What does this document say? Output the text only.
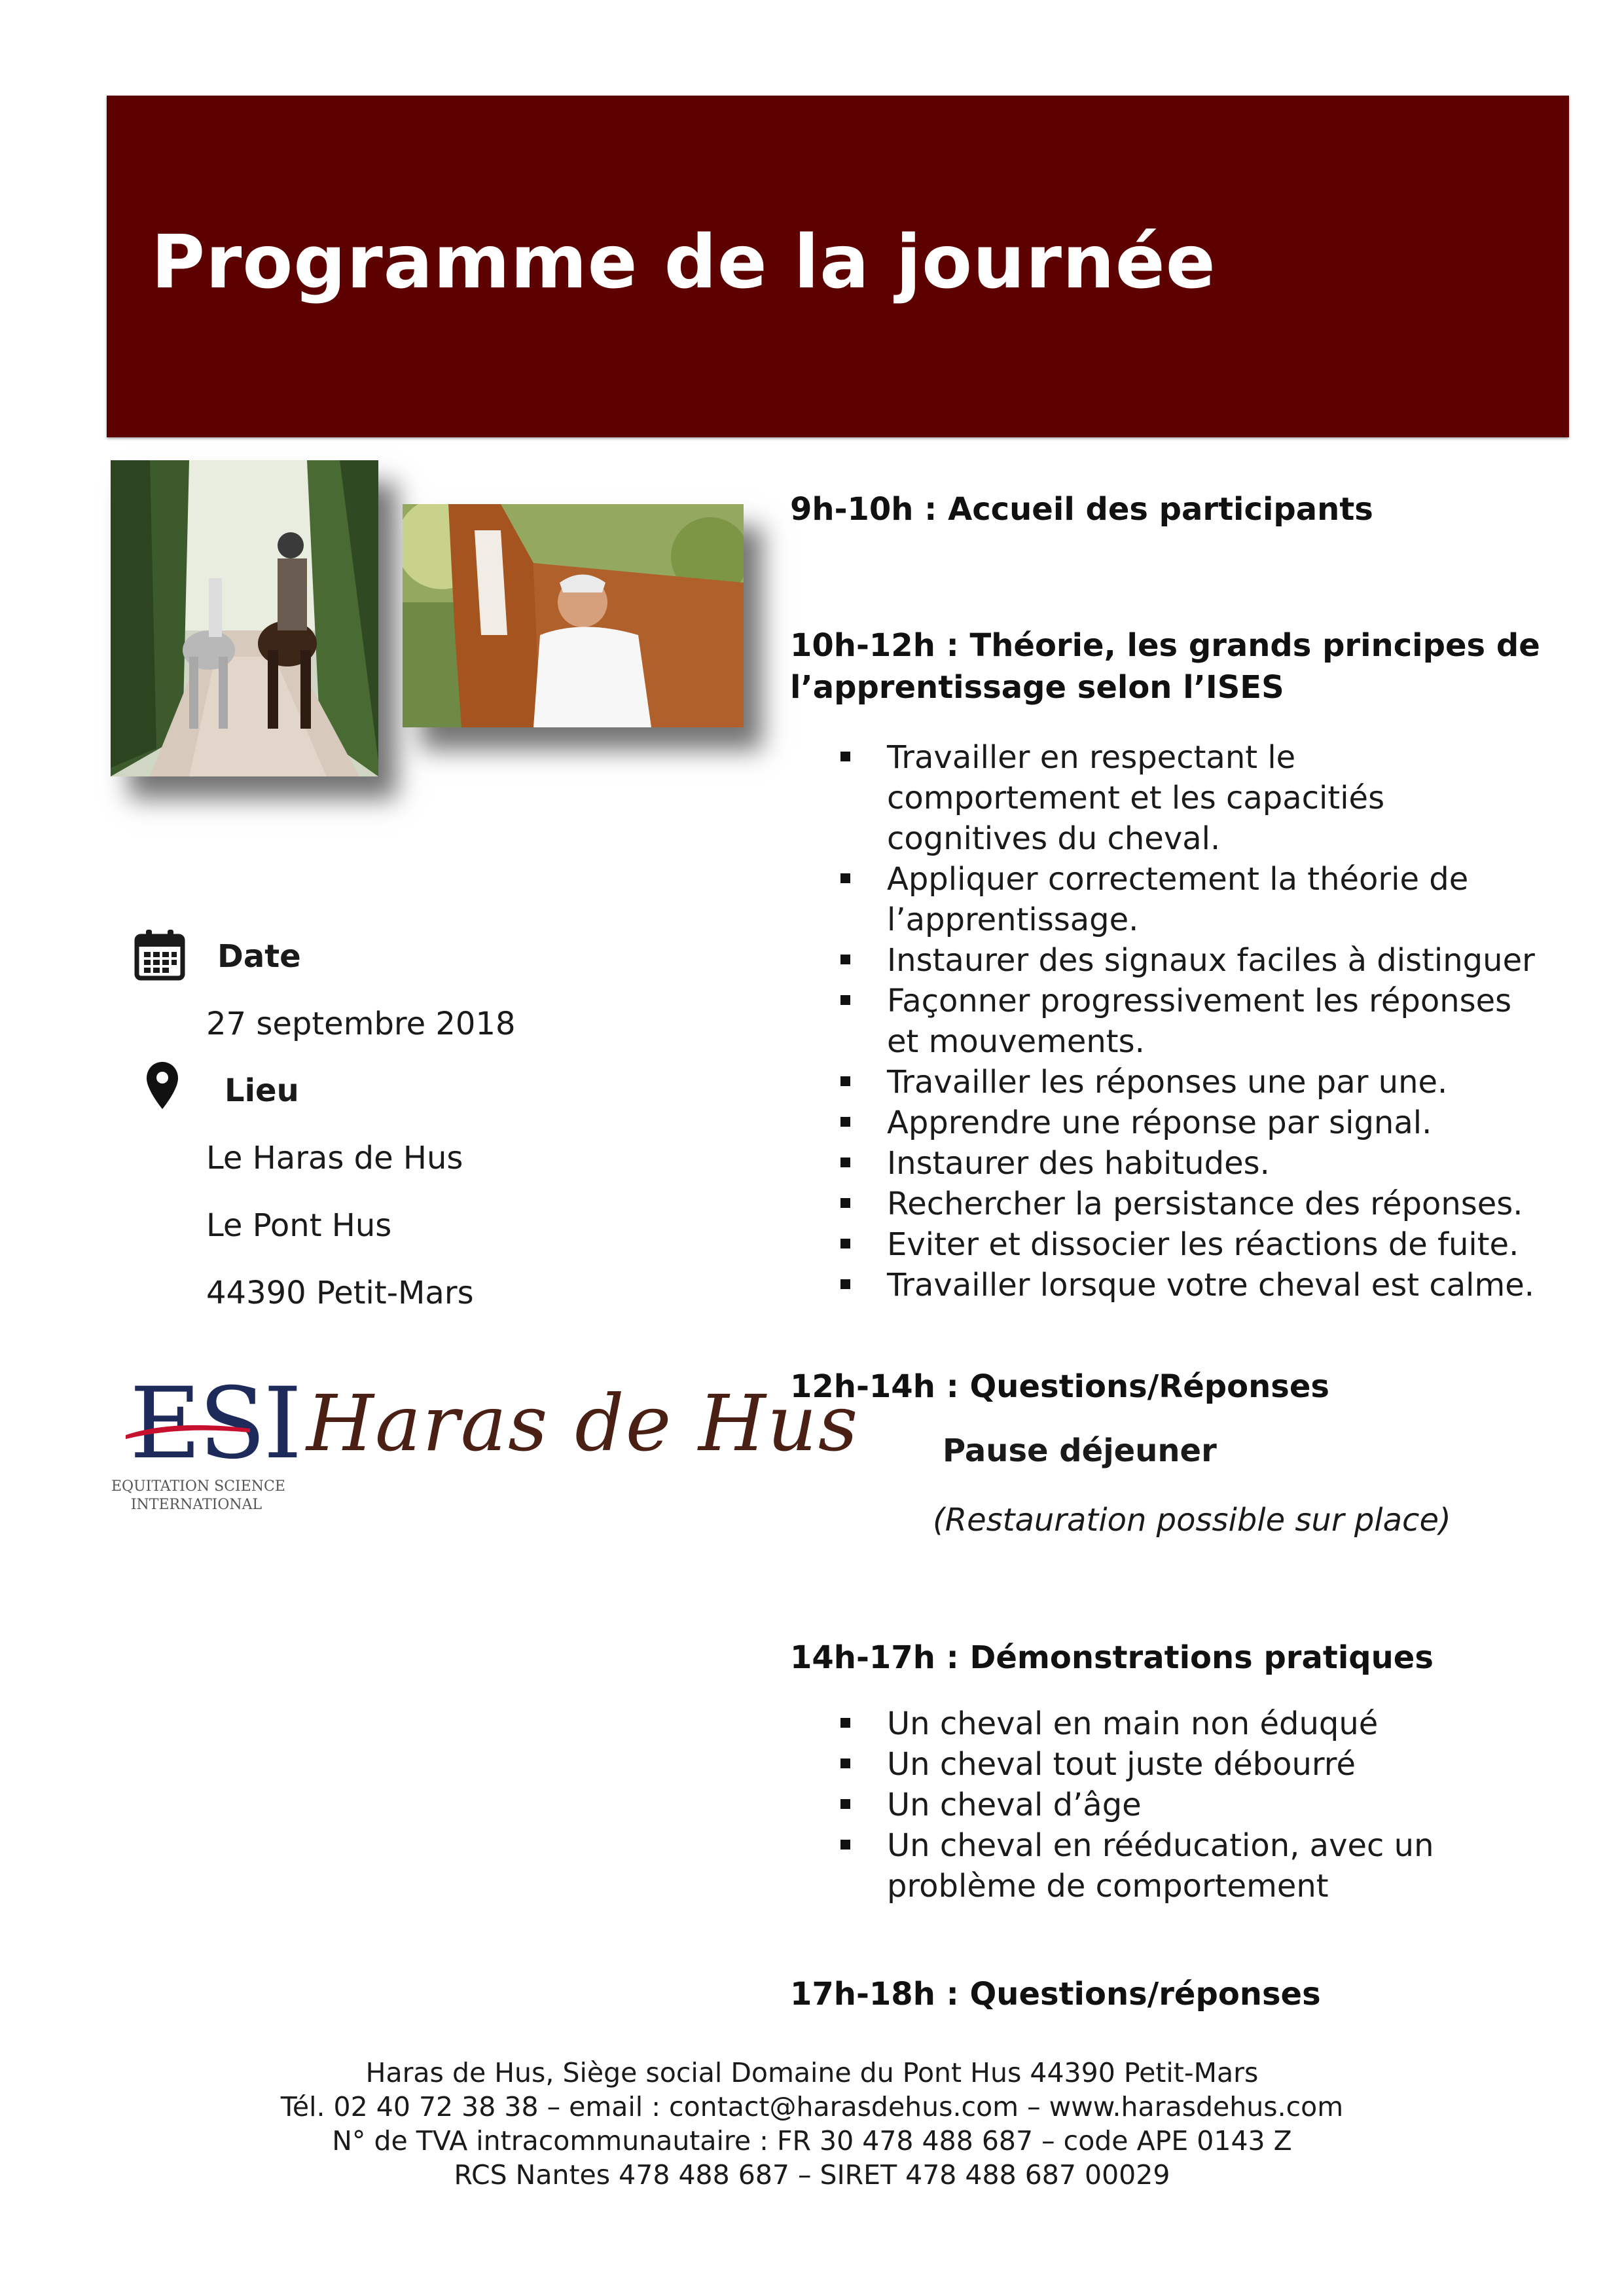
Programme de la journée
Date
27 septembre 2018
Lieu
Le Haras de Hus
Le Pont Hus
44390 Petit-Mars
ESI
EQUITATION SCIENCE
INTERNATIONAL
Haras de Hus
9h-10h : Accueil des participants
10h-12h : Théorie, les grands principes de
l’apprentissage selon l’ISES
Travailler en respectant le
comportement et les capacitiés
cognitives du cheval.
Appliquer correctement la théorie de
l’apprentissage.
Instaurer des signaux faciles à distinguer
Façonner progressivement les réponses
et mouvements.
Travailler les réponses une par une.
Apprendre une réponse par signal.
Instaurer des habitudes.
Rechercher la persistance des réponses.
Eviter et dissocier les réactions de fuite.
Travailler lorsque votre cheval est calme.
12h-14h : Questions/Réponses
Pause déjeuner
(Restauration possible sur place)
14h-17h : Démonstrations pratiques
Un cheval en main non éduqué
Un cheval tout juste débourré
Un cheval d’âge
Un cheval en rééducation, avec un
problème de comportement
17h-18h : Questions/réponses
Haras de Hus, Siège social Domaine du Pont Hus 44390 Petit-Mars
Tél. 02 40 72 38 38 – email : contact@harasdehus.com – www.harasdehus.com
N° de TVA intracommunautaire : FR 30 478 488 687 – code APE 0143 Z
RCS Nantes 478 488 687 – SIRET 478 488 687 00029
